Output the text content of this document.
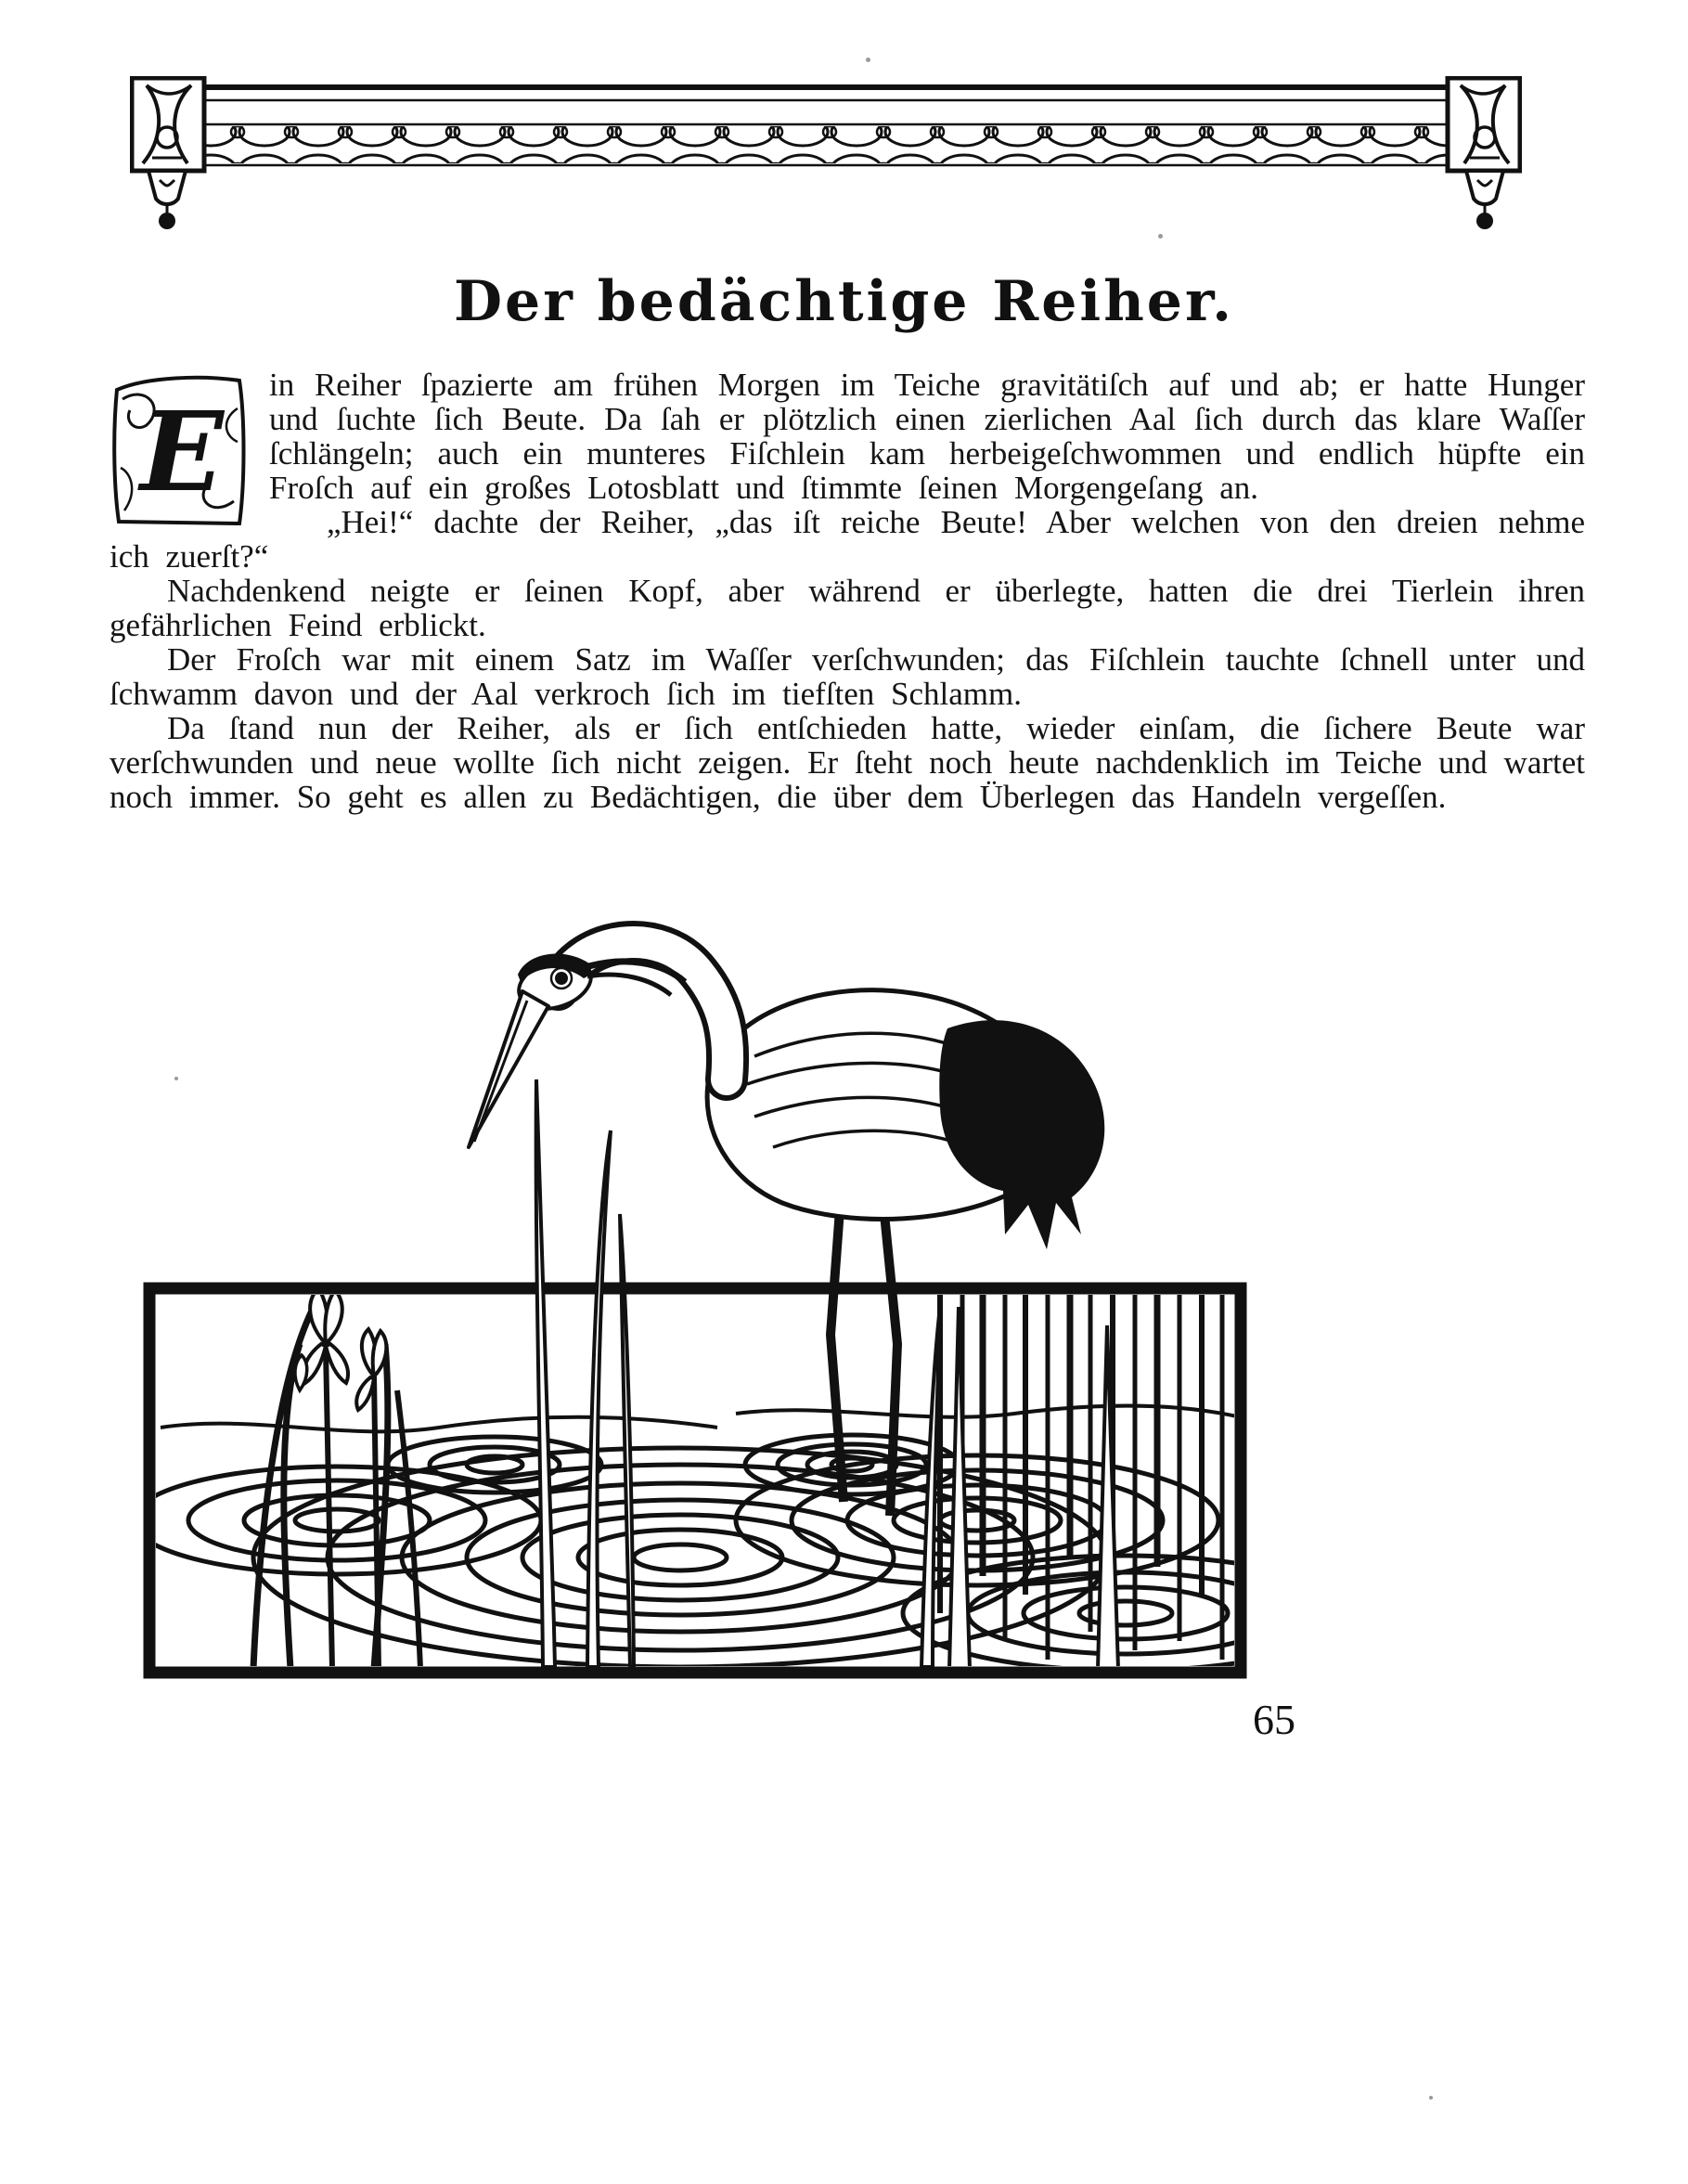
Der bedächtige Reiher.

E
in Reiher ſpazierte am frühen Morgen im Teiche gravitätiſch auf und ab; er hatte Hunger und ſuchte ſich Beute. Da ſah er plötzlich einen zierlichen Aal ſich durch das klare Waſſer ſchlängeln; auch ein munteres Fiſchlein kam herbeigeſchwommen und endlich hüpfte ein Froſch auf ein großes Lotosblatt und ſtimmte ſeinen Morgengeſang an.

„Hei!“ dachte der Reiher, „das iſt reiche Beute! Aber welchen von den dreien nehme ich zuerſt?“

Nachdenkend neigte er ſeinen Kopf, aber während er überlegte, hatten die drei Tierlein ihren gefährlichen Feind erblickt.

Der Froſch war mit einem Satz im Waſſer verſchwunden; das Fiſchlein tauchte ſchnell unter und ſchwamm davon und der Aal verkroch ſich im tiefſten Schlamm.

Da ſtand nun der Reiher, als er ſich entſchieden hatte, wieder einſam, die ſichere Beute war verſchwunden und neue wollte ſich nicht zeigen. Er ſteht noch heute nachdenklich im Teiche und wartet noch immer. So geht es allen zu Bedächtigen, die über dem Überlegen das Handeln vergeſſen.

65
